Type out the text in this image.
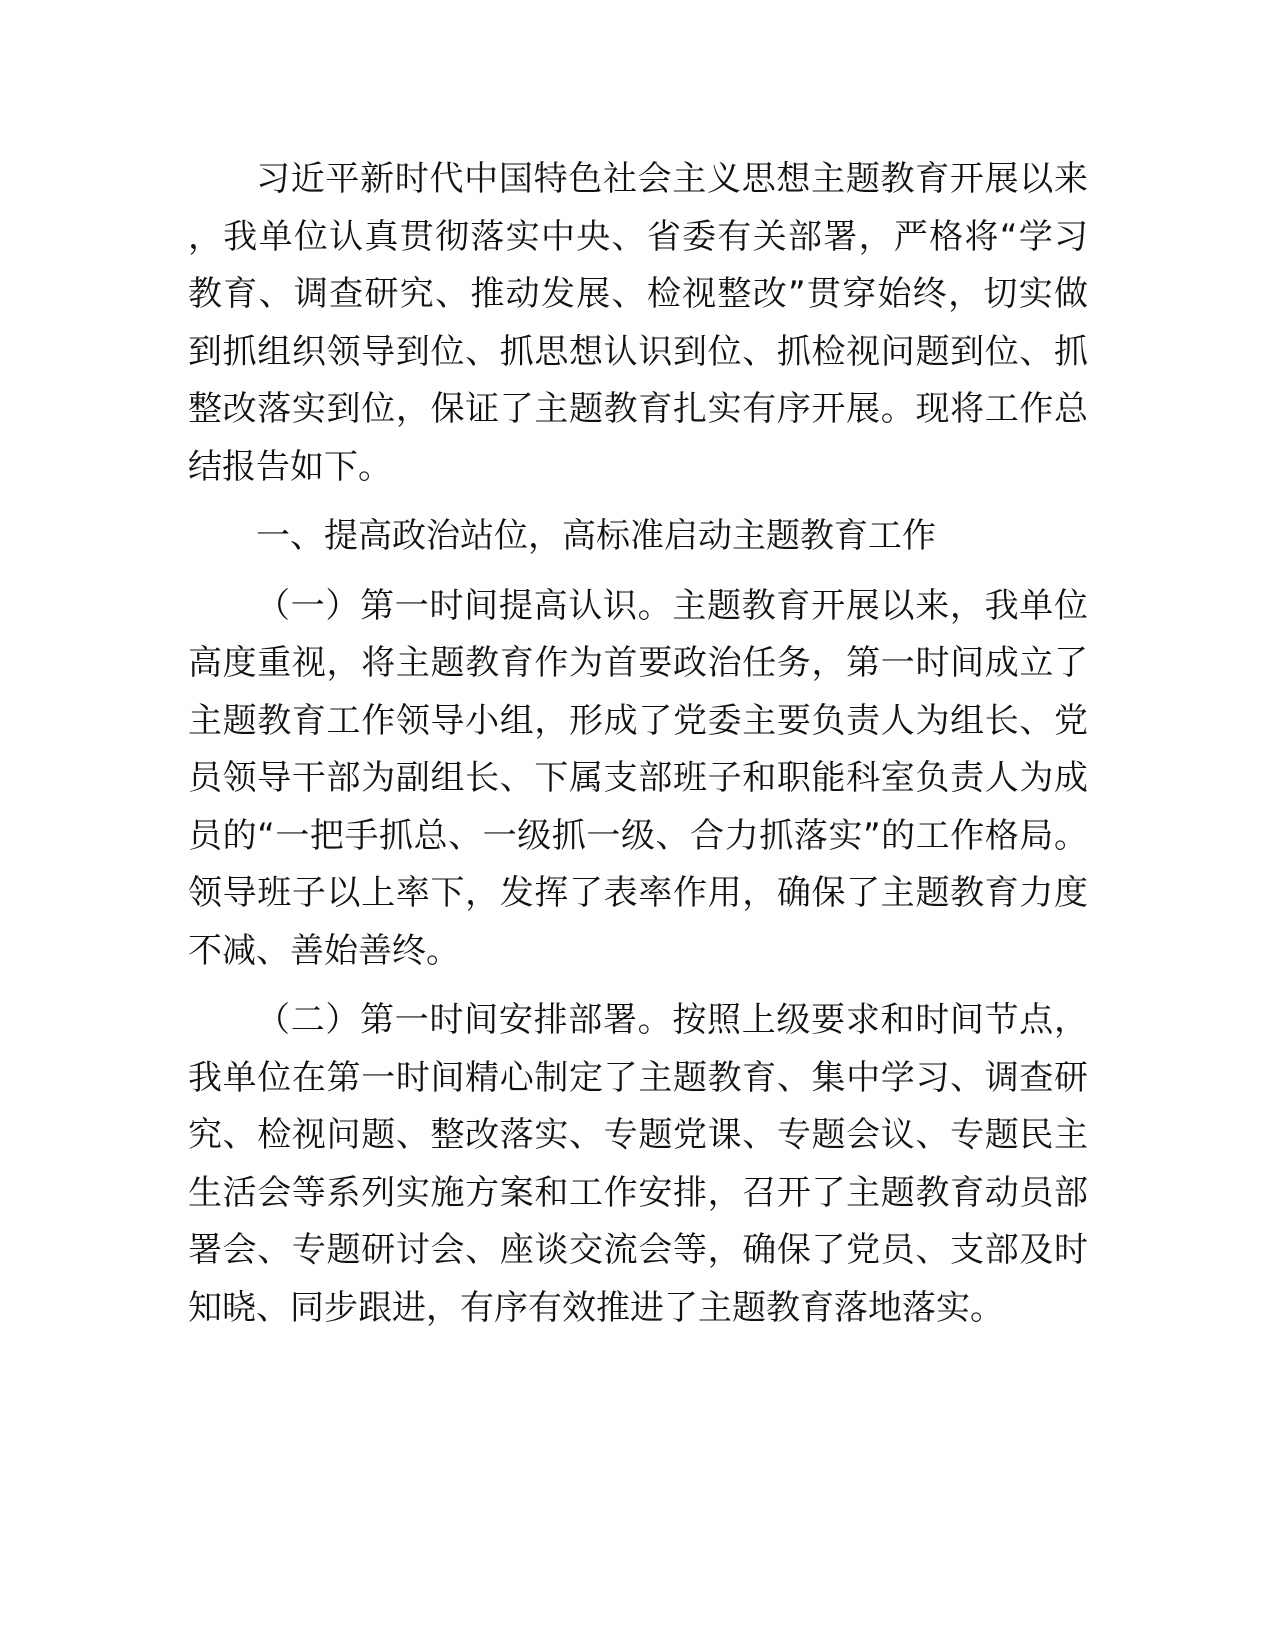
习近平新时代中国特色社会主义思想主题教育开展以来，我单位认真贯彻落实中央、省委有关部署，严格将“学习教育、调查研究、推动发展、检视整改”贯穿始终，切实做到抓组织领导到位、抓思想认识到位、抓检视问题到位、抓整改落实到位，保证了主题教育扎实有序开展。现将工作总结报告如下。

一、提高政治站位，高标准启动主题教育工作

（一）第一时间提高认识。主题教育开展以来，我单位高度重视，将主题教育作为首要政治任务，第一时间成立了主题教育工作领导小组，形成了党委主要负责人为组长、党员领导干部为副组长、下属支部班子和职能科室负责人为成员的“一把手抓总、一级抓一级、合力抓落实”的工作格局。领导班子以上率下，发挥了表率作用，确保了主题教育力度不减、善始善终。

（二）第一时间安排部署。按照上级要求和时间节点，我单位在第一时间精心制定了主题教育、集中学习、调查研究、检视问题、整改落实、专题党课、专题会议、专题民主生活会等系列实施方案和工作安排，召开了主题教育动员部署会、专题研讨会、座谈交流会等，确保了党员、支部及时知晓、同步跟进，有序有效推进了主题教育落地落实。
